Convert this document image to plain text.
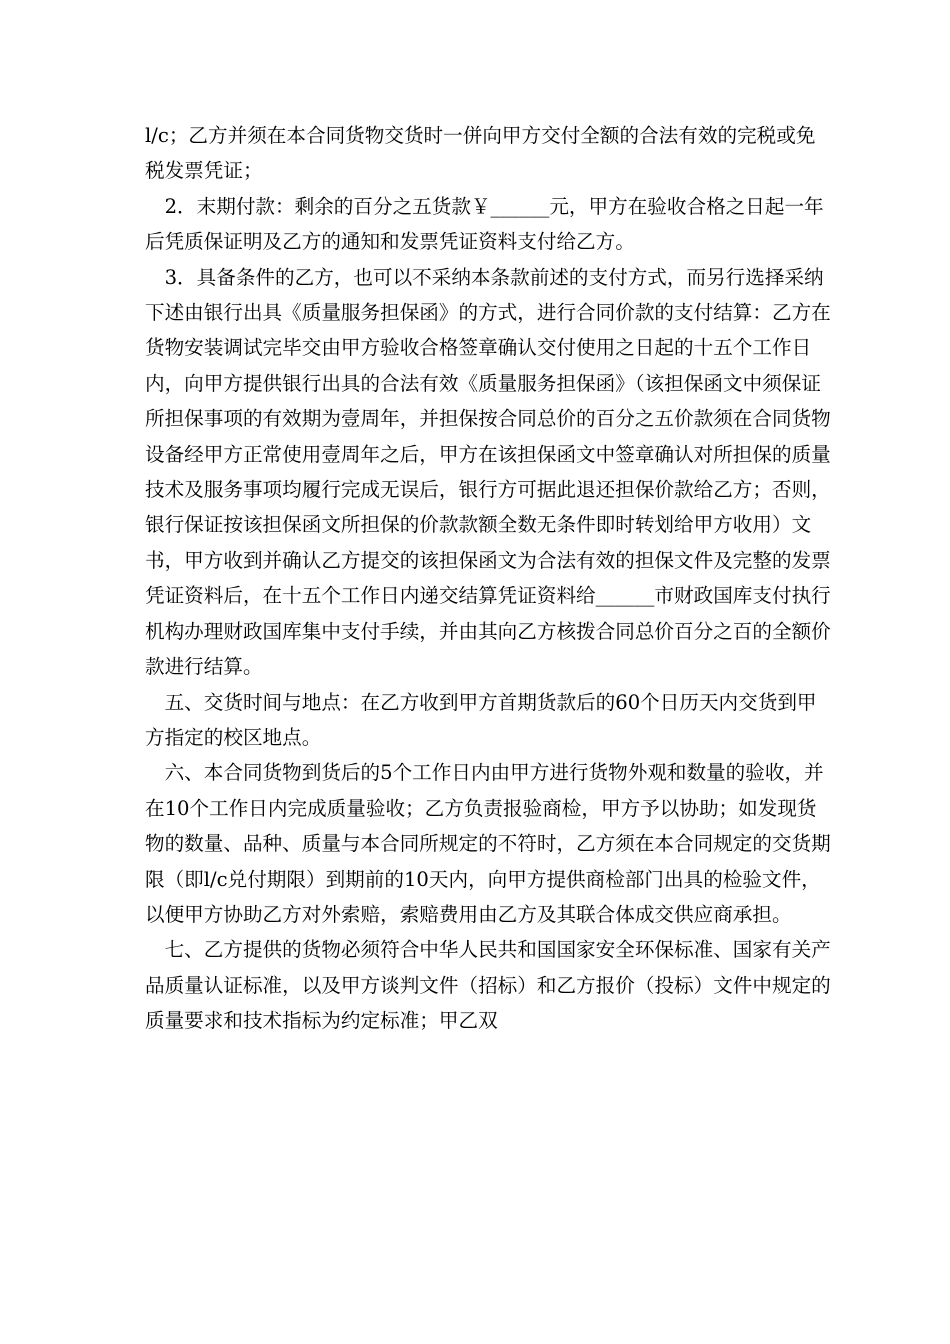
l/c；乙方并须在本合同货物交货时一併向甲方交付全额的合法有效的完税或免税发票凭证；

2．末期付款：剩余的百分之五货款￥______元，甲方在验收合格之日起一年后凭质保证明及乙方的通知和发票凭证资料支付给乙方。

3．具备条件的乙方，也可以不采纳本条款前述的支付方式，而另行选择采纳下述由银行出具《质量服务担保函》的方式，进行合同价款的支付结算：乙方在货物安装调试完毕交由甲方验收合格签章确认交付使用之日起的十五个工作日内，向甲方提供银行出具的合法有效《质量服务担保函》（该担保函文中须保证所担保事项的有效期为壹周年，并担保按合同总价的百分之五价款须在合同货物设备经甲方正常使用壹周年之后，甲方在该担保函文中签章确认对所担保的质量技术及服务事项均履行完成无误后，银行方可据此退还担保价款给乙方；否则，银行保证按该担保函文所担保的价款款额全数无条件即时转划给甲方收用）文书，甲方收到并确认乙方提交的该担保函文为合法有效的担保文件及完整的发票凭证资料后，在十五个工作日内递交结算凭证资料给______市财政国库支付执行机构办理财政国库集中支付手续，并由其向乙方核拨合同总价百分之百的全额价款进行结算。

五、交货时间与地点：在乙方收到甲方首期货款后的60个日历天内交货到甲方指定的校区地点。

六、本合同货物到货后的5个工作日内由甲方进行货物外观和数量的验收，并在10个工作日内完成质量验收；乙方负责报验商检，甲方予以协助；如发现货物的数量、品种、质量与本合同所规定的不符时，乙方须在本合同规定的交货期限（即l/c兑付期限）到期前的10天内，向甲方提供商检部门出具的检验文件，以便甲方协助乙方对外索赔，索赔费用由乙方及其联合体成交供应商承担。

七、乙方提供的货物必须符合中华人民共和国国家安全环保标准、国家有关产品质量认证标准，以及甲方谈判文件（招标）和乙方报价（投标）文件中规定的质量要求和技术指标为约定标准；甲乙双
